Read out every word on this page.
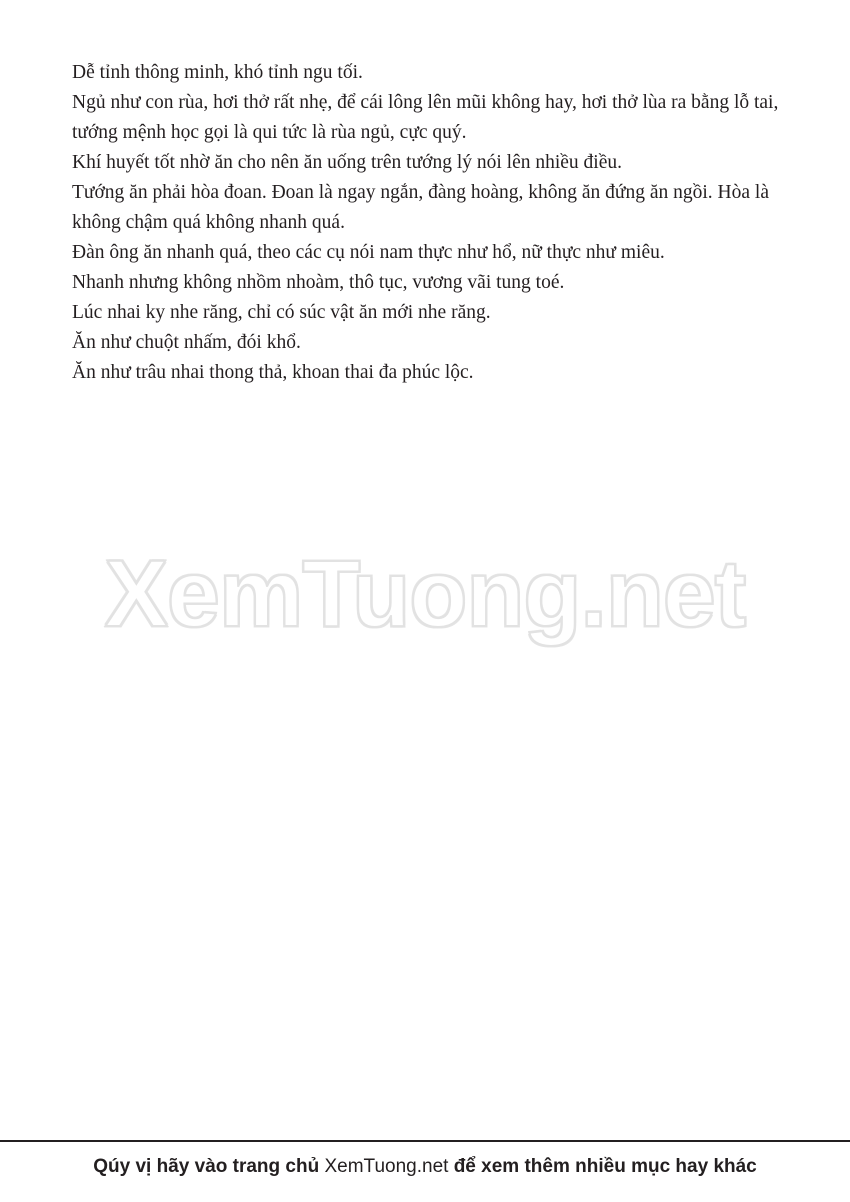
Dễ tỉnh thông minh, khó tỉnh ngu tối.

Ngủ như con rùa, hơi thở rất nhẹ, để cái lông lên mũi không hay, hơi thở lùa ra bằng lỗ tai, tướng mệnh học gọi là qui tức là rùa ngủ, cực quý.

Khí huyết tốt nhờ ăn cho nên ăn uống trên tướng lý nói lên nhiều điều.

Tướng ăn phải hòa đoan. Đoan là ngay ngắn, đàng hoàng, không ăn đứng ăn ngồi. Hòa là không chậm quá không nhanh quá.

Đàn ông ăn nhanh quá, theo các cụ nói nam thực như hổ, nữ thực như miêu.

Nhanh nhưng không nhồm nhoàm, thô tục, vương vãi tung toé.

Lúc nhai ky nhe răng, chỉ có súc vật ăn mới nhe răng.

Ăn như chuột nhấm, đói khổ.

Ăn như trâu nhai thong thả, khoan thai đa phúc lộc.

XemTuong.net
Qúy vị hãy vào trang chủ XemTuong.net để xem thêm nhiều mục hay khác
